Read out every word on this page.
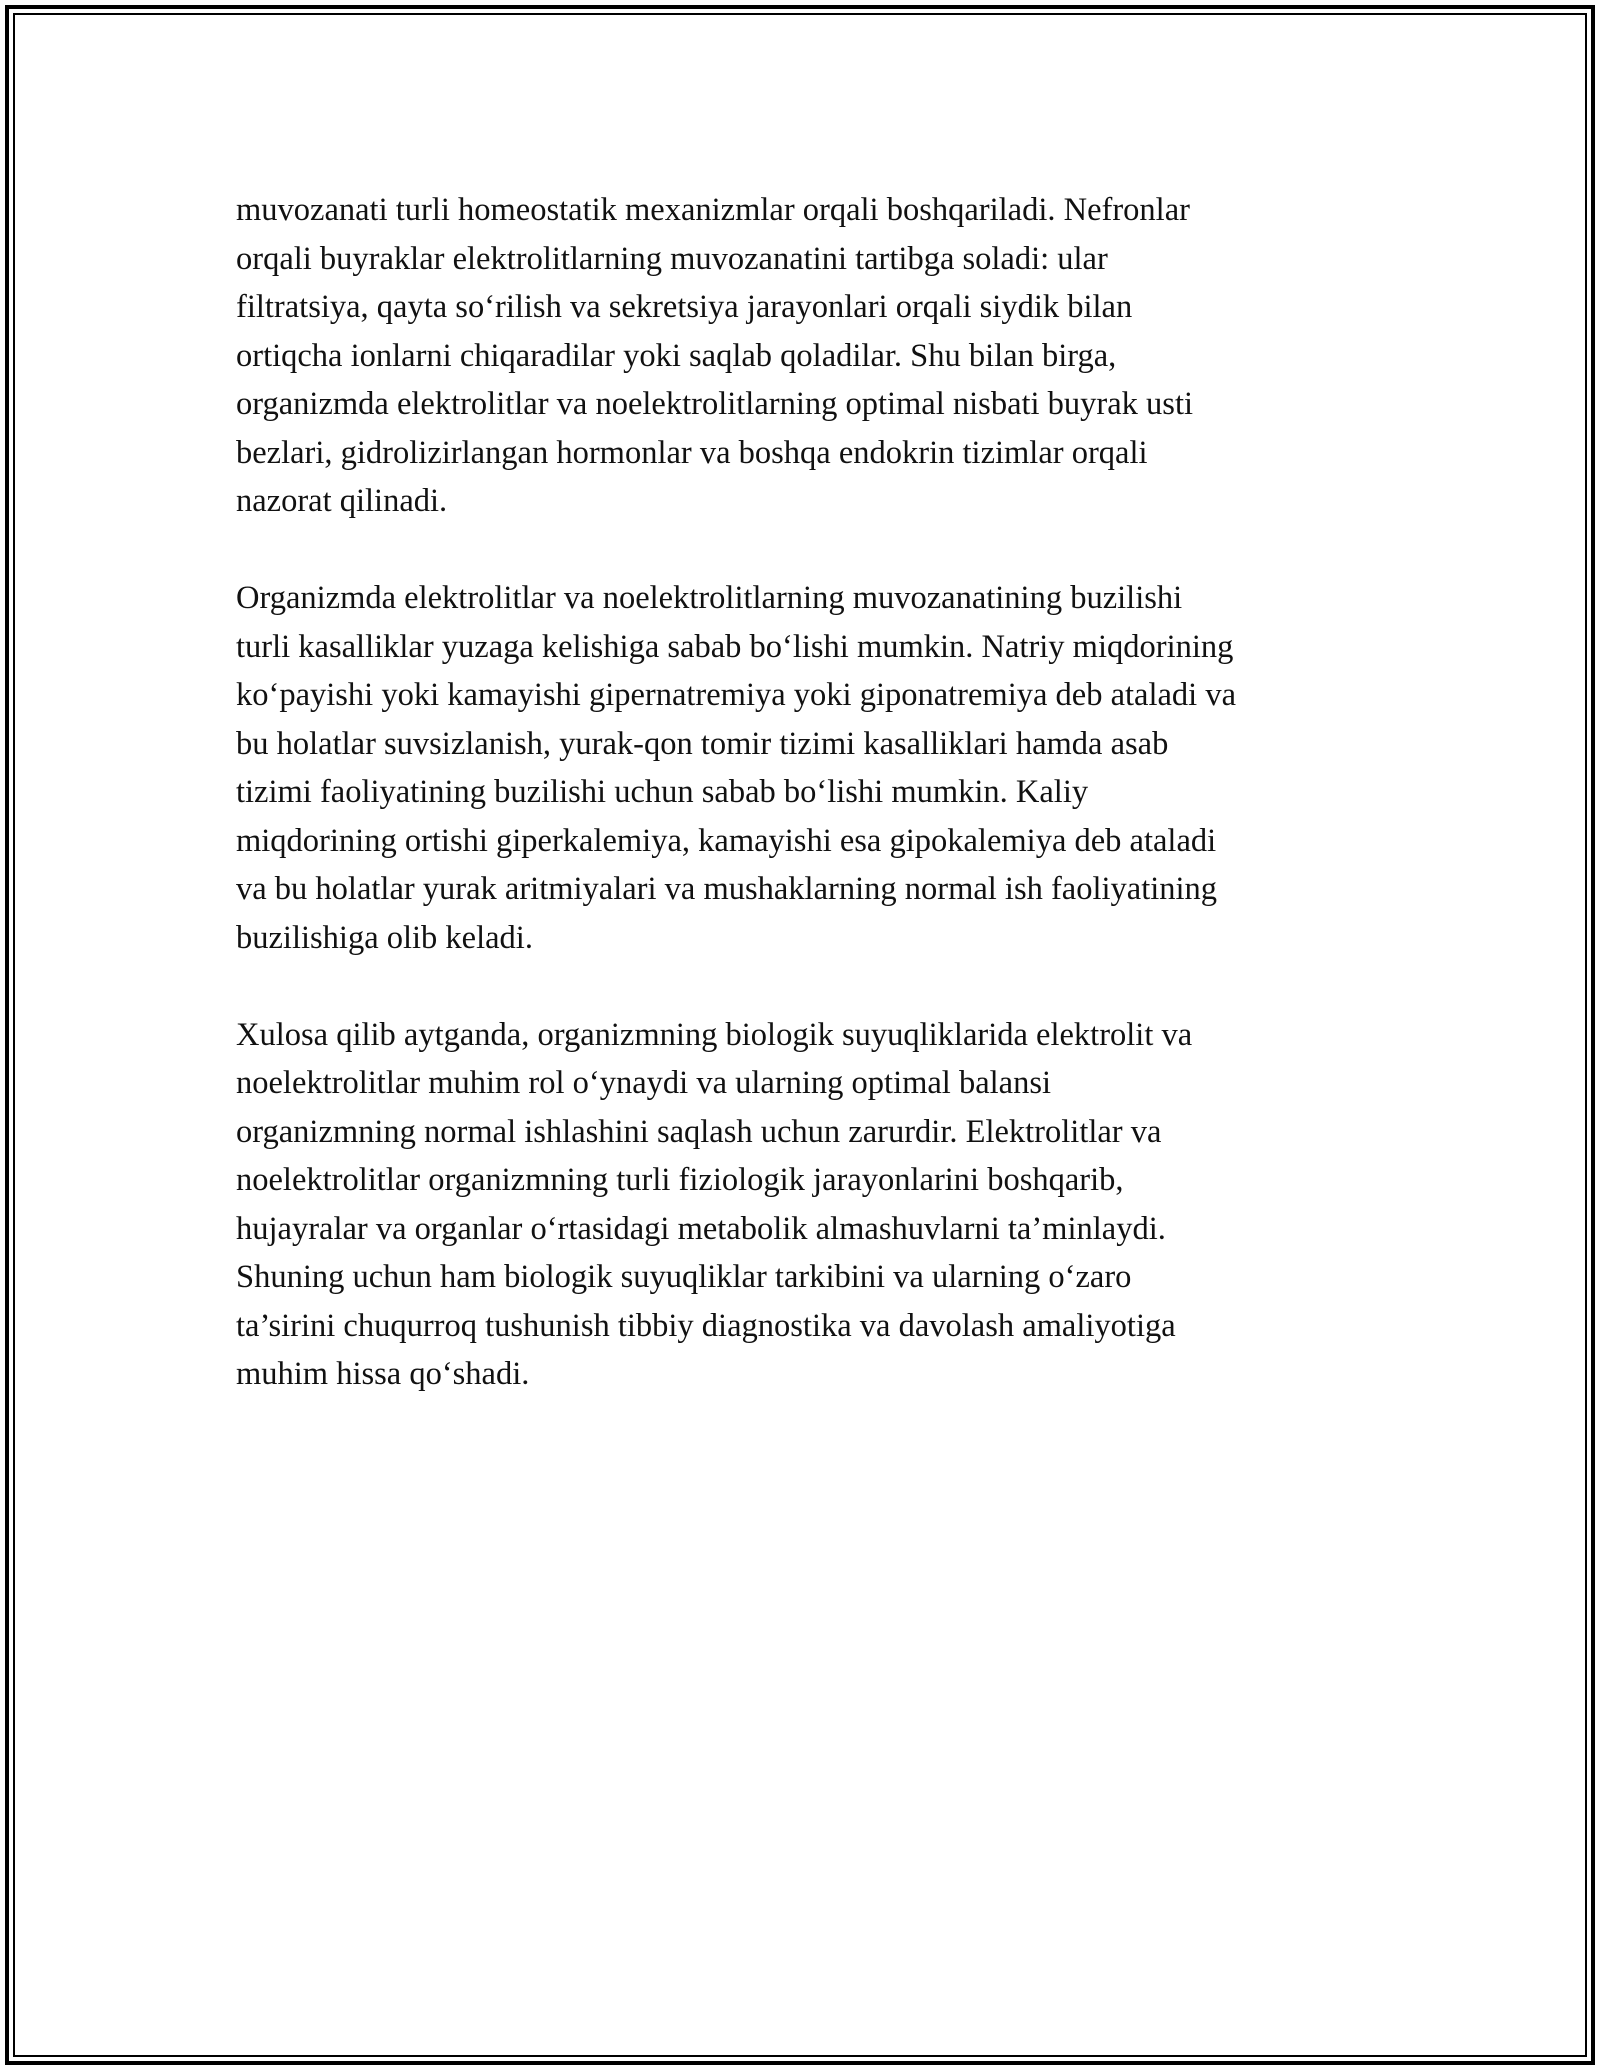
muvozanati turli homeostatik mexanizmlar orqali boshqariladi. Nefronlar
orqali buyraklar elektrolitlarning muvozanatini tartibga soladi: ular
filtratsiya, qayta so‘rilish va sekretsiya jarayonlari orqali siydik bilan
ortiqcha ionlarni chiqaradilar yoki saqlab qoladilar. Shu bilan birga,
organizmda elektrolitlar va noelektrolitlarning optimal nisbati buyrak usti
bezlari, gidrolizirlangan hormonlar va boshqa endokrin tizimlar orqali
nazorat qilinadi.

Organizmda elektrolitlar va noelektrolitlarning muvozanatining buzilishi
turli kasalliklar yuzaga kelishiga sabab bo‘lishi mumkin. Natriy miqdorining
ko‘payishi yoki kamayishi gipernatremiya yoki giponatremiya deb ataladi va
bu holatlar suvsizlanish, yurak-qon tomir tizimi kasalliklari hamda asab
tizimi faoliyatining buzilishi uchun sabab bo‘lishi mumkin. Kaliy
miqdorining ortishi giperkalemiya, kamayishi esa gipokalemiya deb ataladi
va bu holatlar yurak aritmiyalari va mushaklarning normal ish faoliyatining
buzilishiga olib keladi.

Xulosa qilib aytganda, organizmning biologik suyuqliklarida elektrolit va
noelektrolitlar muhim rol o‘ynaydi va ularning optimal balansi
organizmning normal ishlashini saqlash uchun zarurdir. Elektrolitlar va
noelektrolitlar organizmning turli fiziologik jarayonlarini boshqarib,
hujayralar va organlar o‘rtasidagi metabolik almashuvlarni ta’minlaydi.
Shuning uchun ham biologik suyuqliklar tarkibini va ularning o‘zaro
ta’sirini chuqurroq tushunish tibbiy diagnostika va davolash amaliyotiga
muhim hissa qo‘shadi.
